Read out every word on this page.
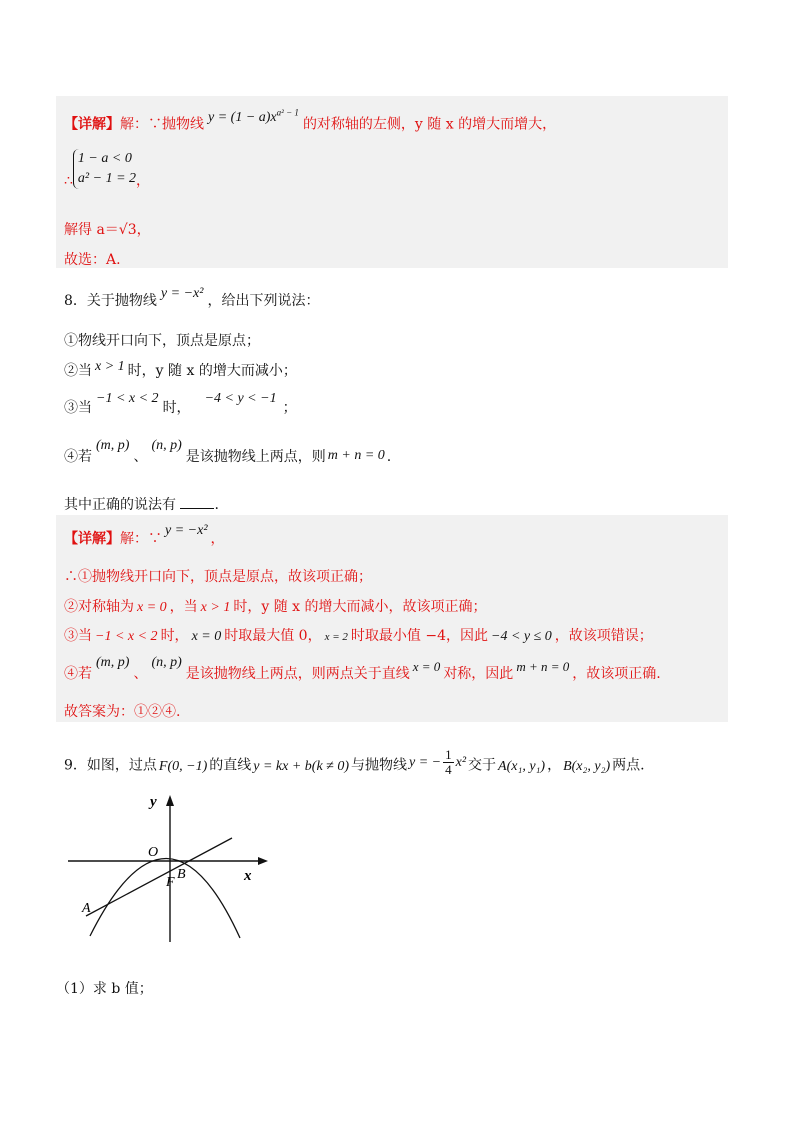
【详解】解：∵抛物线 $y = (1 - a)x^{a^2 - 1}$的对称轴的左侧，y 随 x 的增大而增大，
∴
1 − a < 0
a² − 1 = 2 ，
解得 a＝√3，
故选：A.
8．关于抛物线 y = −x² ，给出下列说法：
①物线开口向下，顶点是原点；
②当 x > 1 时，y 随 x 的增大而减小；
③当−1 < x < 2时，−4 < y < −1；
④若(m, p)、(n, p)是该抛物线上两点，则 m + n = 0 .
其中正确的说法有	.
【详解】解：∵y = −x²，
∴①抛物线开口向下，顶点是原点，故该项正确；
②对称轴为 x = 0 ，当 x > 1 时，y 随 x 的增大而减小，故该项正确；
③当 −1 < x < 2 时， x = 0 时取最大值 0， x = 2 时取最小值 −4，因此 −4 < y ≤ 0 ，故该项错误；
④若(m, p)、(n, p)是该抛物线上两点，则两点关于直线 x = 0 对称，因此 m + n = 0 ，故该项正确.
故答案为：①②④.
9．如图，过点 F(0, −1) 的直线 y = kx + b(k ≠ 0) 与抛物线 y = − $\frac{1}{4} x^2$ 交于 A(x₁, y₁) ， B(x₂, y₂) 两点.
y
x
O
F
B
A
（1）求 b 值；
